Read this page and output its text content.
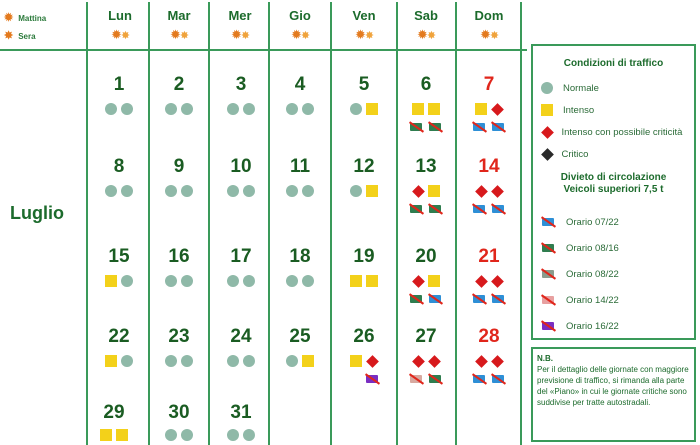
✹ Mattina
✸ Sera
Lun	Mar	Mer	Gio	Ven	Sab	Dom
✹✸	✹✸	✹✸	✹✸	✹✸	✹✸	✹✸
Luglio
1	2	3	4	5	6	7
8	9	10	11	12	13	14
15	16	17	18	19	20	21
22	23	24	25	26	27	28
29	30	31
Condizioni di traffico
Normale
Intenso
Intenso con possibile criticità
Critico
Divieto di circolazione
Veicoli superiori 7,5 t
Orario 07/22
Orario 08/16
Orario 08/22
Orario 14/22
Orario 16/22
N.B.
Per il dettaglio delle giornate con maggiore previsione di traffico, si rimanda alla parte del «Piano» in cui le giornate critiche sono suddivise per tratte autostradali.
